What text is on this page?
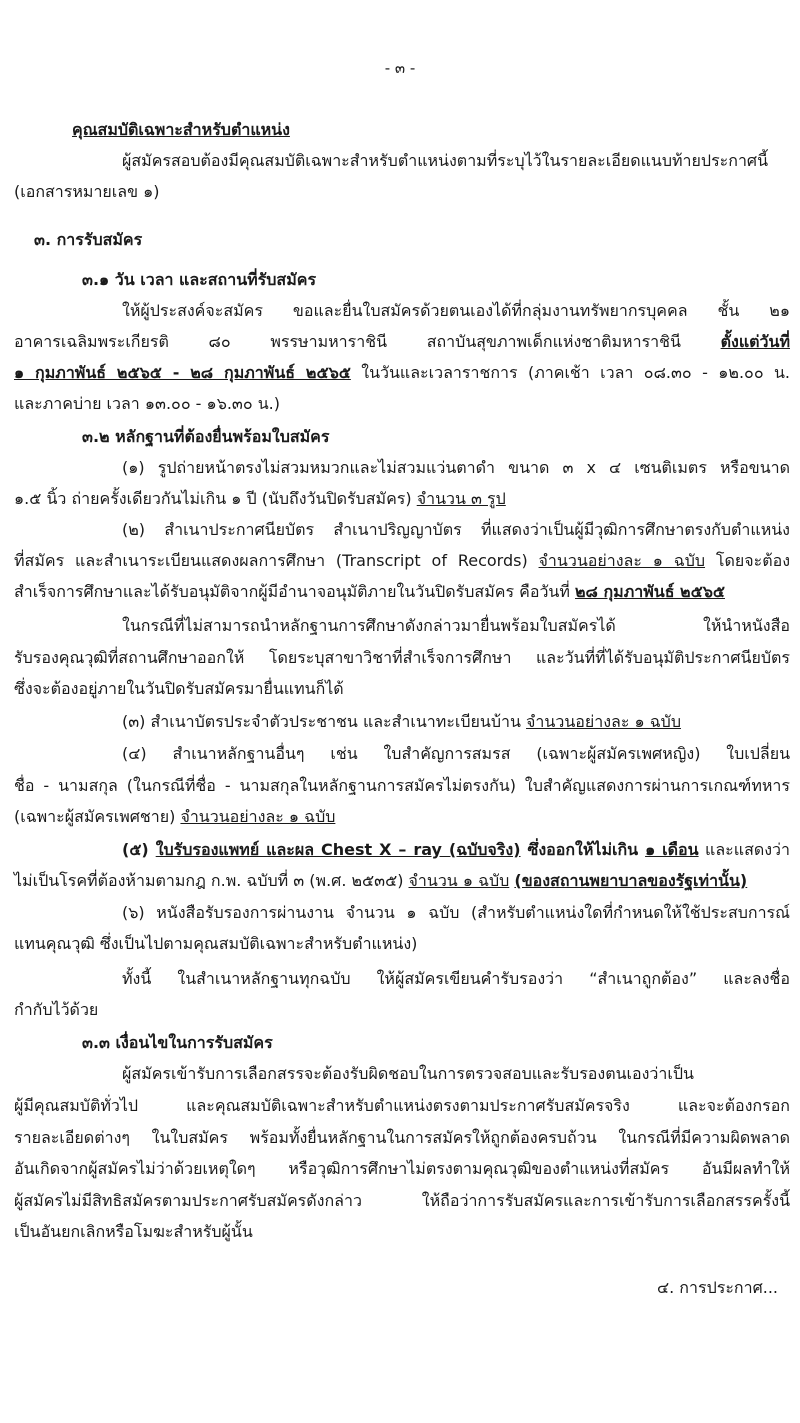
- ๓ -
คุณสมบัติเฉพาะสำหรับตำแหน่ง
ผู้สมัครสอบต้องมีคุณสมบัติเฉพาะสำหรับตำแหน่งตามที่ระบุไว้ในรายละเอียดแนบท้ายประกาศนี้
(เอกสารหมายเลข ๑)
๓. การรับสมัคร
๓.๑ วัน เวลา และสถานที่รับสมัคร
ให้ผู้ประสงค์จะสมัคร ขอและยื่นใบสมัครด้วยตนเองได้ที่กลุ่มงานทรัพยากรบุคคล ชั้น ๒๑
อาคารเฉลิมพระเกียรติ ๘๐ พรรษามหาราชินี สถาบันสุขภาพเด็กแห่งชาติมหาราชินี ตั้งแต่วันที่
๑ กุมภาพันธ์ ๒๕๖๕ - ๒๘ กุมภาพันธ์ ๒๕๖๕ ในวันและเวลาราชการ (ภาคเช้า เวลา ๐๘.๓๐ - ๑๒.๐๐ น.
และภาคบ่าย เวลา ๑๓.๐๐ - ๑๖.๓๐ น.)
๓.๒ หลักฐานที่ต้องยื่นพร้อมใบสมัคร
(๑) รูปถ่ายหน้าตรงไม่สวมหมวกและไม่สวมแว่นตาดำ ขนาด ๓ x ๔ เซนติเมตร หรือขนาด
๑.๕ นิ้ว ถ่ายครั้งเดียวกันไม่เกิน ๑ ปี (นับถึงวันปิดรับสมัคร) จำนวน ๓ รูป
(๒) สำเนาประกาศนียบัตร สำเนาปริญญาบัตร ที่แสดงว่าเป็นผู้มีวุฒิการศึกษาตรงกับตำแหน่ง
ที่สมัคร และสำเนาระเบียนแสดงผลการศึกษา (Transcript of Records) จำนวนอย่างละ ๑ ฉบับ โดยจะต้อง
สำเร็จการศึกษาและได้รับอนุมัติจากผู้มีอำนาจอนุมัติภายในวันปิดรับสมัคร คือวันที่ ๒๘ กุมภาพันธ์ ๒๕๖๕
ในกรณีที่ไม่สามารถนำหลักฐานการศึกษาดังกล่าวมายื่นพร้อมใบสมัครได้ ให้นำหนังสือ
รับรองคุณวุฒิที่สถานศึกษาออกให้ โดยระบุสาขาวิชาที่สำเร็จการศึกษา และวันที่ที่ได้รับอนุมัติประกาศนียบัตร
ซึ่งจะต้องอยู่ภายในวันปิดรับสมัครมายื่นแทนก็ได้
(๓) สำเนาบัตรประจำตัวประชาชน และสำเนาทะเบียนบ้าน จำนวนอย่างละ ๑ ฉบับ
(๔) สำเนาหลักฐานอื่นๆ เช่น ใบสำคัญการสมรส (เฉพาะผู้สมัครเพศหญิง) ใบเปลี่ยน
ชื่อ - นามสกุล (ในกรณีที่ชื่อ - นามสกุลในหลักฐานการสมัครไม่ตรงกัน) ใบสำคัญแสดงการผ่านการเกณฑ์ทหาร
(เฉพาะผู้สมัครเพศชาย) จำนวนอย่างละ ๑ ฉบับ
(๕) ใบรับรองแพทย์ และผล Chest X – ray (ฉบับจริง) ซึ่งออกให้ไม่เกิน ๑ เดือน และแสดงว่า
ไม่เป็นโรคที่ต้องห้ามตามกฎ ก.พ. ฉบับที่ ๓ (พ.ศ. ๒๕๓๕) จำนวน ๑ ฉบับ (ของสถานพยาบาลของรัฐเท่านั้น)
(๖) หนังสือรับรองการผ่านงาน จำนวน ๑ ฉบับ (สำหรับตำแหน่งใดที่กำหนดให้ใช้ประสบการณ์
แทนคุณวุฒิ ซึ่งเป็นไปตามคุณสมบัติเฉพาะสำหรับตำแหน่ง)
ทั้งนี้ ในสำเนาหลักฐานทุกฉบับ ให้ผู้สมัครเขียนคำรับรองว่า “สำเนาถูกต้อง” และลงชื่อ
กำกับไว้ด้วย
๓.๓ เงื่อนไขในการรับสมัคร
ผู้สมัครเข้ารับการเลือกสรรจะต้องรับผิดชอบในการตรวจสอบและรับรองตนเองว่าเป็น
ผู้มีคุณสมบัติทั่วไป และคุณสมบัติเฉพาะสำหรับตำแหน่งตรงตามประกาศรับสมัครจริง และจะต้องกรอก
รายละเอียดต่างๆ ในใบสมัคร พร้อมทั้งยื่นหลักฐานในการสมัครให้ถูกต้องครบถ้วน ในกรณีที่มีความผิดพลาด
อันเกิดจากผู้สมัครไม่ว่าด้วยเหตุใดๆ หรือวุฒิการศึกษาไม่ตรงตามคุณวุฒิของตำแหน่งที่สมัคร อันมีผลทำให้
ผู้สมัครไม่มีสิทธิสมัครตามประกาศรับสมัครดังกล่าว ให้ถือว่าการรับสมัครและการเข้ารับการเลือกสรรครั้งนี้
เป็นอันยกเลิกหรือโมฆะสำหรับผู้นั้น
๔. การประกาศ...
